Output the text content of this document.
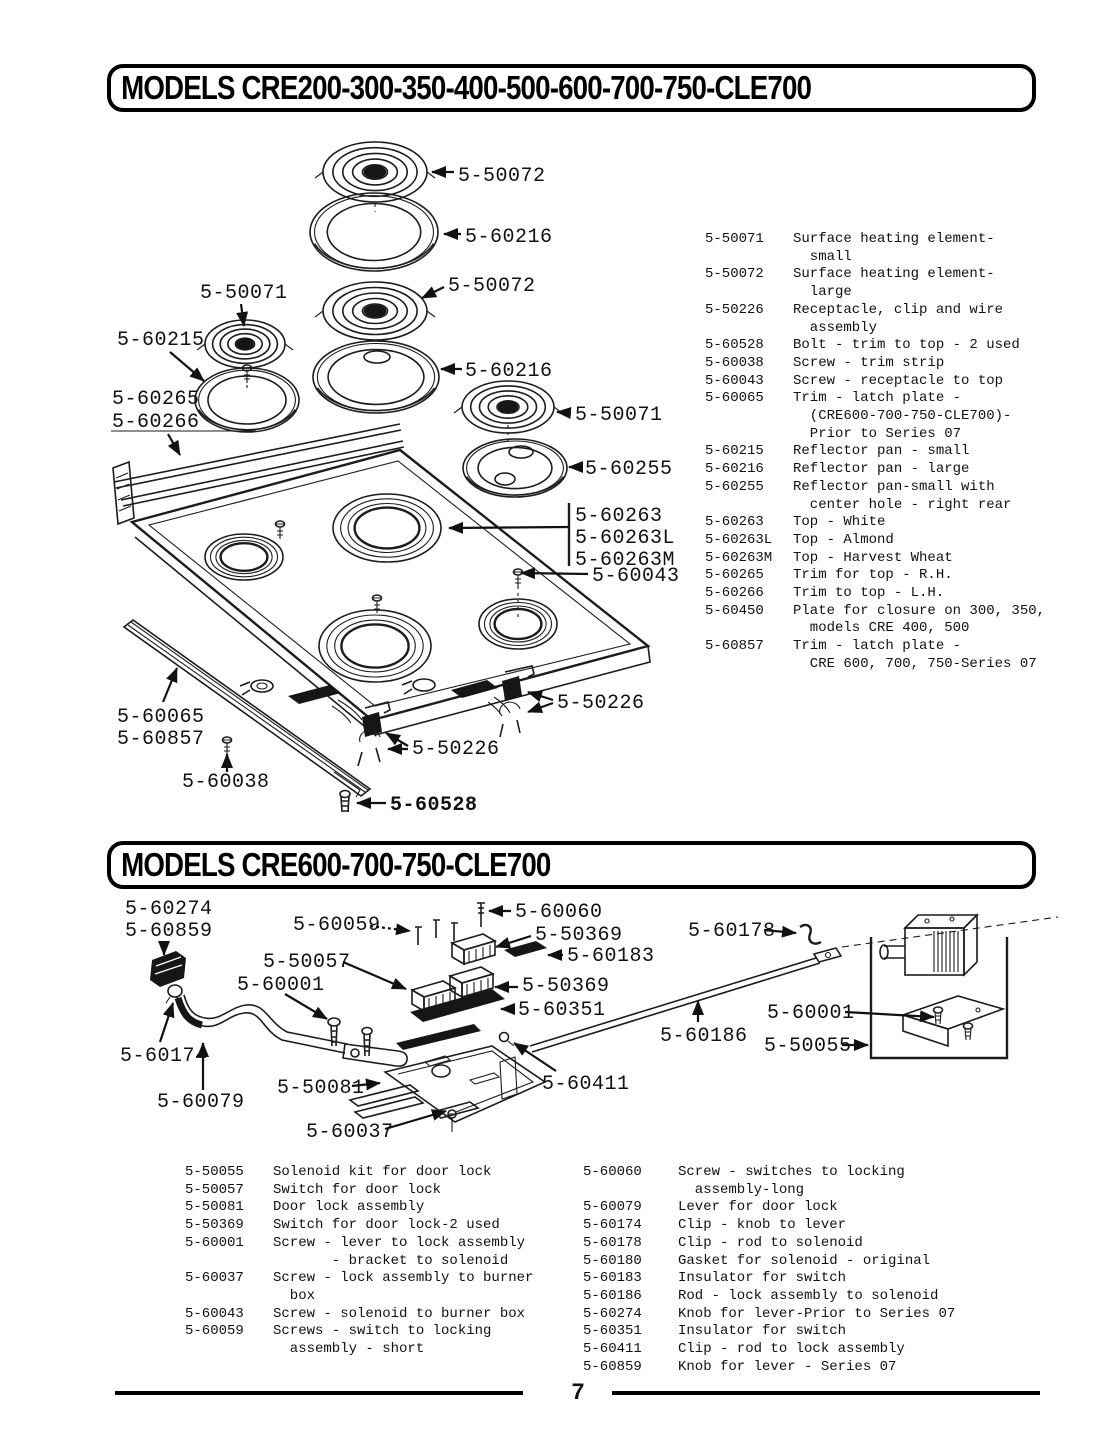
MODELS CRE200-300-350-400-500-600-700-750-CLE700
5-50072
5-60216
5-50071	5-50072
5-60215
5-60216
5-60265
5-60266	5-50071
5-60255
5-60263
5-60263L
5-60263M
5-60043
5-60065
5-60857
5-60038
5-50226
5-50226
5-60528
5-50071	Surface heating element-
small
5-50072	Surface heating element-
large
5-50226	Receptacle, clip and wire
assembly
5-60528	Bolt - trim to top - 2 used
5-60038	Screw - trim strip
5-60043	Screw - receptacle to top
5-60065	Trim - latch plate -
(CRE600-700-750-CLE700)-
Prior to Series 07
5-60215	Reflector pan - small
5-60216	Reflector pan - large
5-60255	Reflector pan-small with
center hole - right rear
5-60263	Top - White
5-60263L	Top - Almond
5-60263M	Top - Harvest Wheat
5-60265	Trim for top - R.H.
5-60266	Trim to top - L.H.
5-60450	Plate for closure on 300, 350,
models CRE 400, 500
5-60857	Trim - latch plate -
CRE 600, 700, 750-Series 07
MODELS CRE600-700-750-CLE700
5-60274
5-60859	5-60059
5-60060
5-50369
5-60183
5-50057
5-60001	5-50369
5-60351
5-60178
5-60186
5-60001
5-50055
5-60174
5-60079
5-50081	5-60411
5-60037
5-50055	Solenoid kit for door lock
5-50057	Switch for door lock
5-50081	Door lock assembly
5-50369	Switch for door lock-2 used
5-60001	Screw - lever to lock assembly
- bracket to solenoid
5-60037	Screw - lock assembly to burner
box
5-60043	Screw - solenoid to burner box
5-60059	Screws - switch to locking
assembly - short
5-60060	Screw - switches to locking
assembly-long
5-60079	Lever for door lock
5-60174	Clip - knob to lever
5-60178	Clip - rod to solenoid
5-60180	Gasket for solenoid - original
5-60183	Insulator for switch
5-60186	Rod - lock assembly to solenoid
5-60274	Knob for lever-Prior to Series 07
5-60351	Insulator for switch
5-60411	Clip - rod to lock assembly
5-60859	Knob for lever - Series 07
7
